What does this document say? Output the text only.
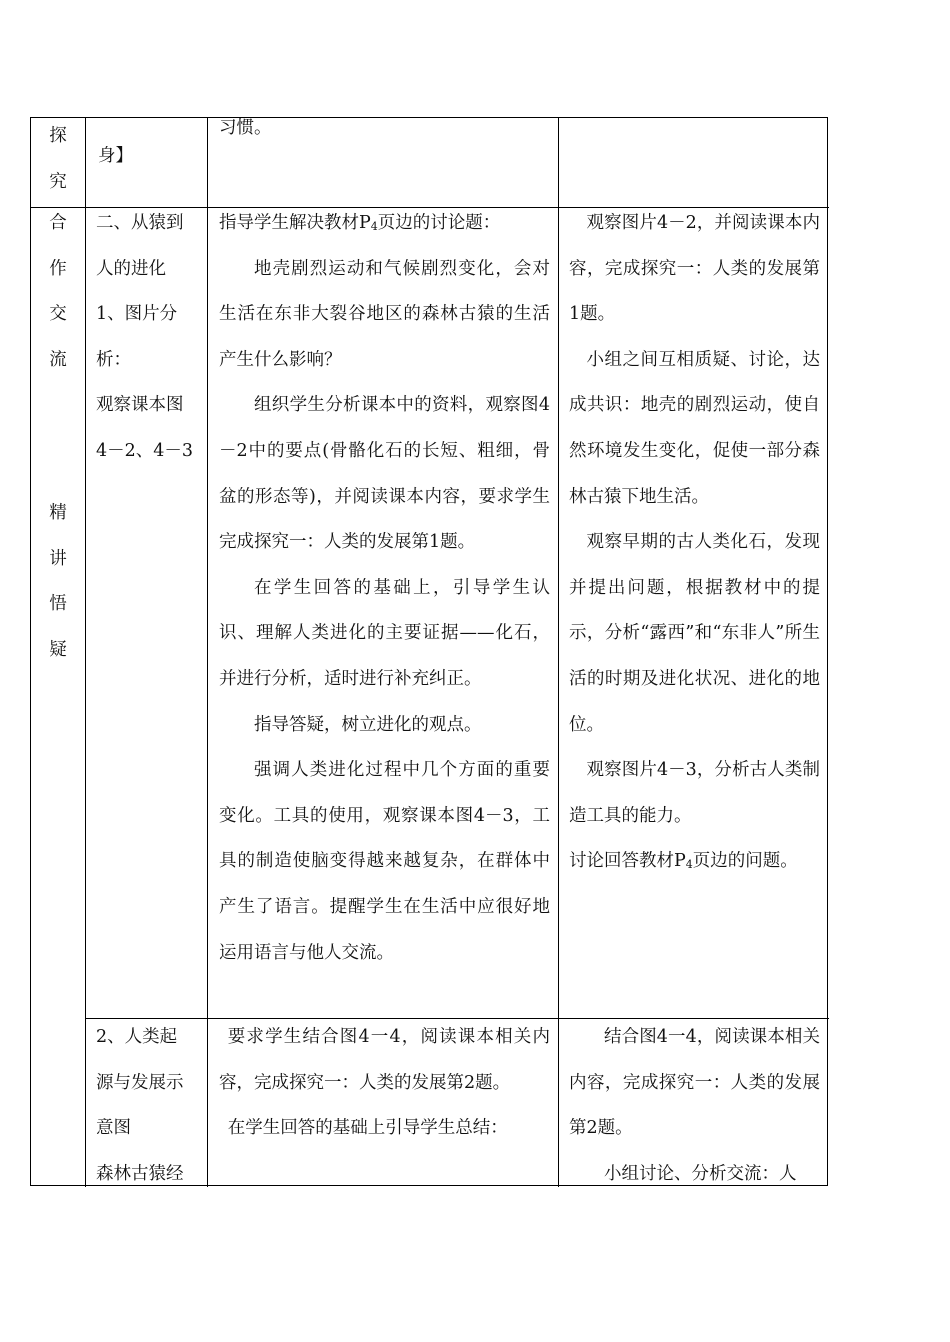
探

究

身】

习惯。

合

作

交

流

精

讲

悟

疑

二、从猿到

人的进化

1、图片分

析：

观察课本图

4－2、4－3

指导学生解决教材$P_4$页边的讨论题：

地壳剧烈运动和气候剧烈变化，会对生活在东非大裂谷地区的森林古猿的生活产生什么影响？

组织学生分析课本中的资料，观察图4－2中的要点(骨骼化石的长短、粗细，骨盆的形态等)，并阅读课本内容，要求学生完成探究一：人类的发展第1题。

在学生回答的基础上，引导学生认识、理解人类进化的主要证据——化石，并进行分析，适时进行补充纠正。

指导答疑，树立进化的观点。

强调人类进化过程中几个方面的重要变化。工具的使用，观察课本图4－3，工具的制造使脑变得越来越复杂，在群体中产生了语言。提醒学生在生活中应很好地运用语言与他人交流。

观察图片4－2，并阅读课本内容，完成探究一：人类的发展第1题。

小组之间互相质疑、讨论，达成共识：地壳的剧烈运动，使自然环境发生变化，促使一部分森林古猿下地生活。

观察早期的古人类化石，发现并提出问题，根据教材中的提示，分析“露西”和“东非人”所生活的时期及进化状况、进化的地位。

观察图片4－3，分析古人类制造工具的能力。

讨论回答教材$P_4$页边的问题。

2、人类起

源与发展示

意图

森林古猿经

要求学生结合图4一4，阅读课本相关内容，完成探究一：人类的发展第2题。

在学生回答的基础上引导学生总结：

结合图4一4，阅读课本相关内容，完成探究一：人类的发展第2题。

小组讨论、分析交流：人
